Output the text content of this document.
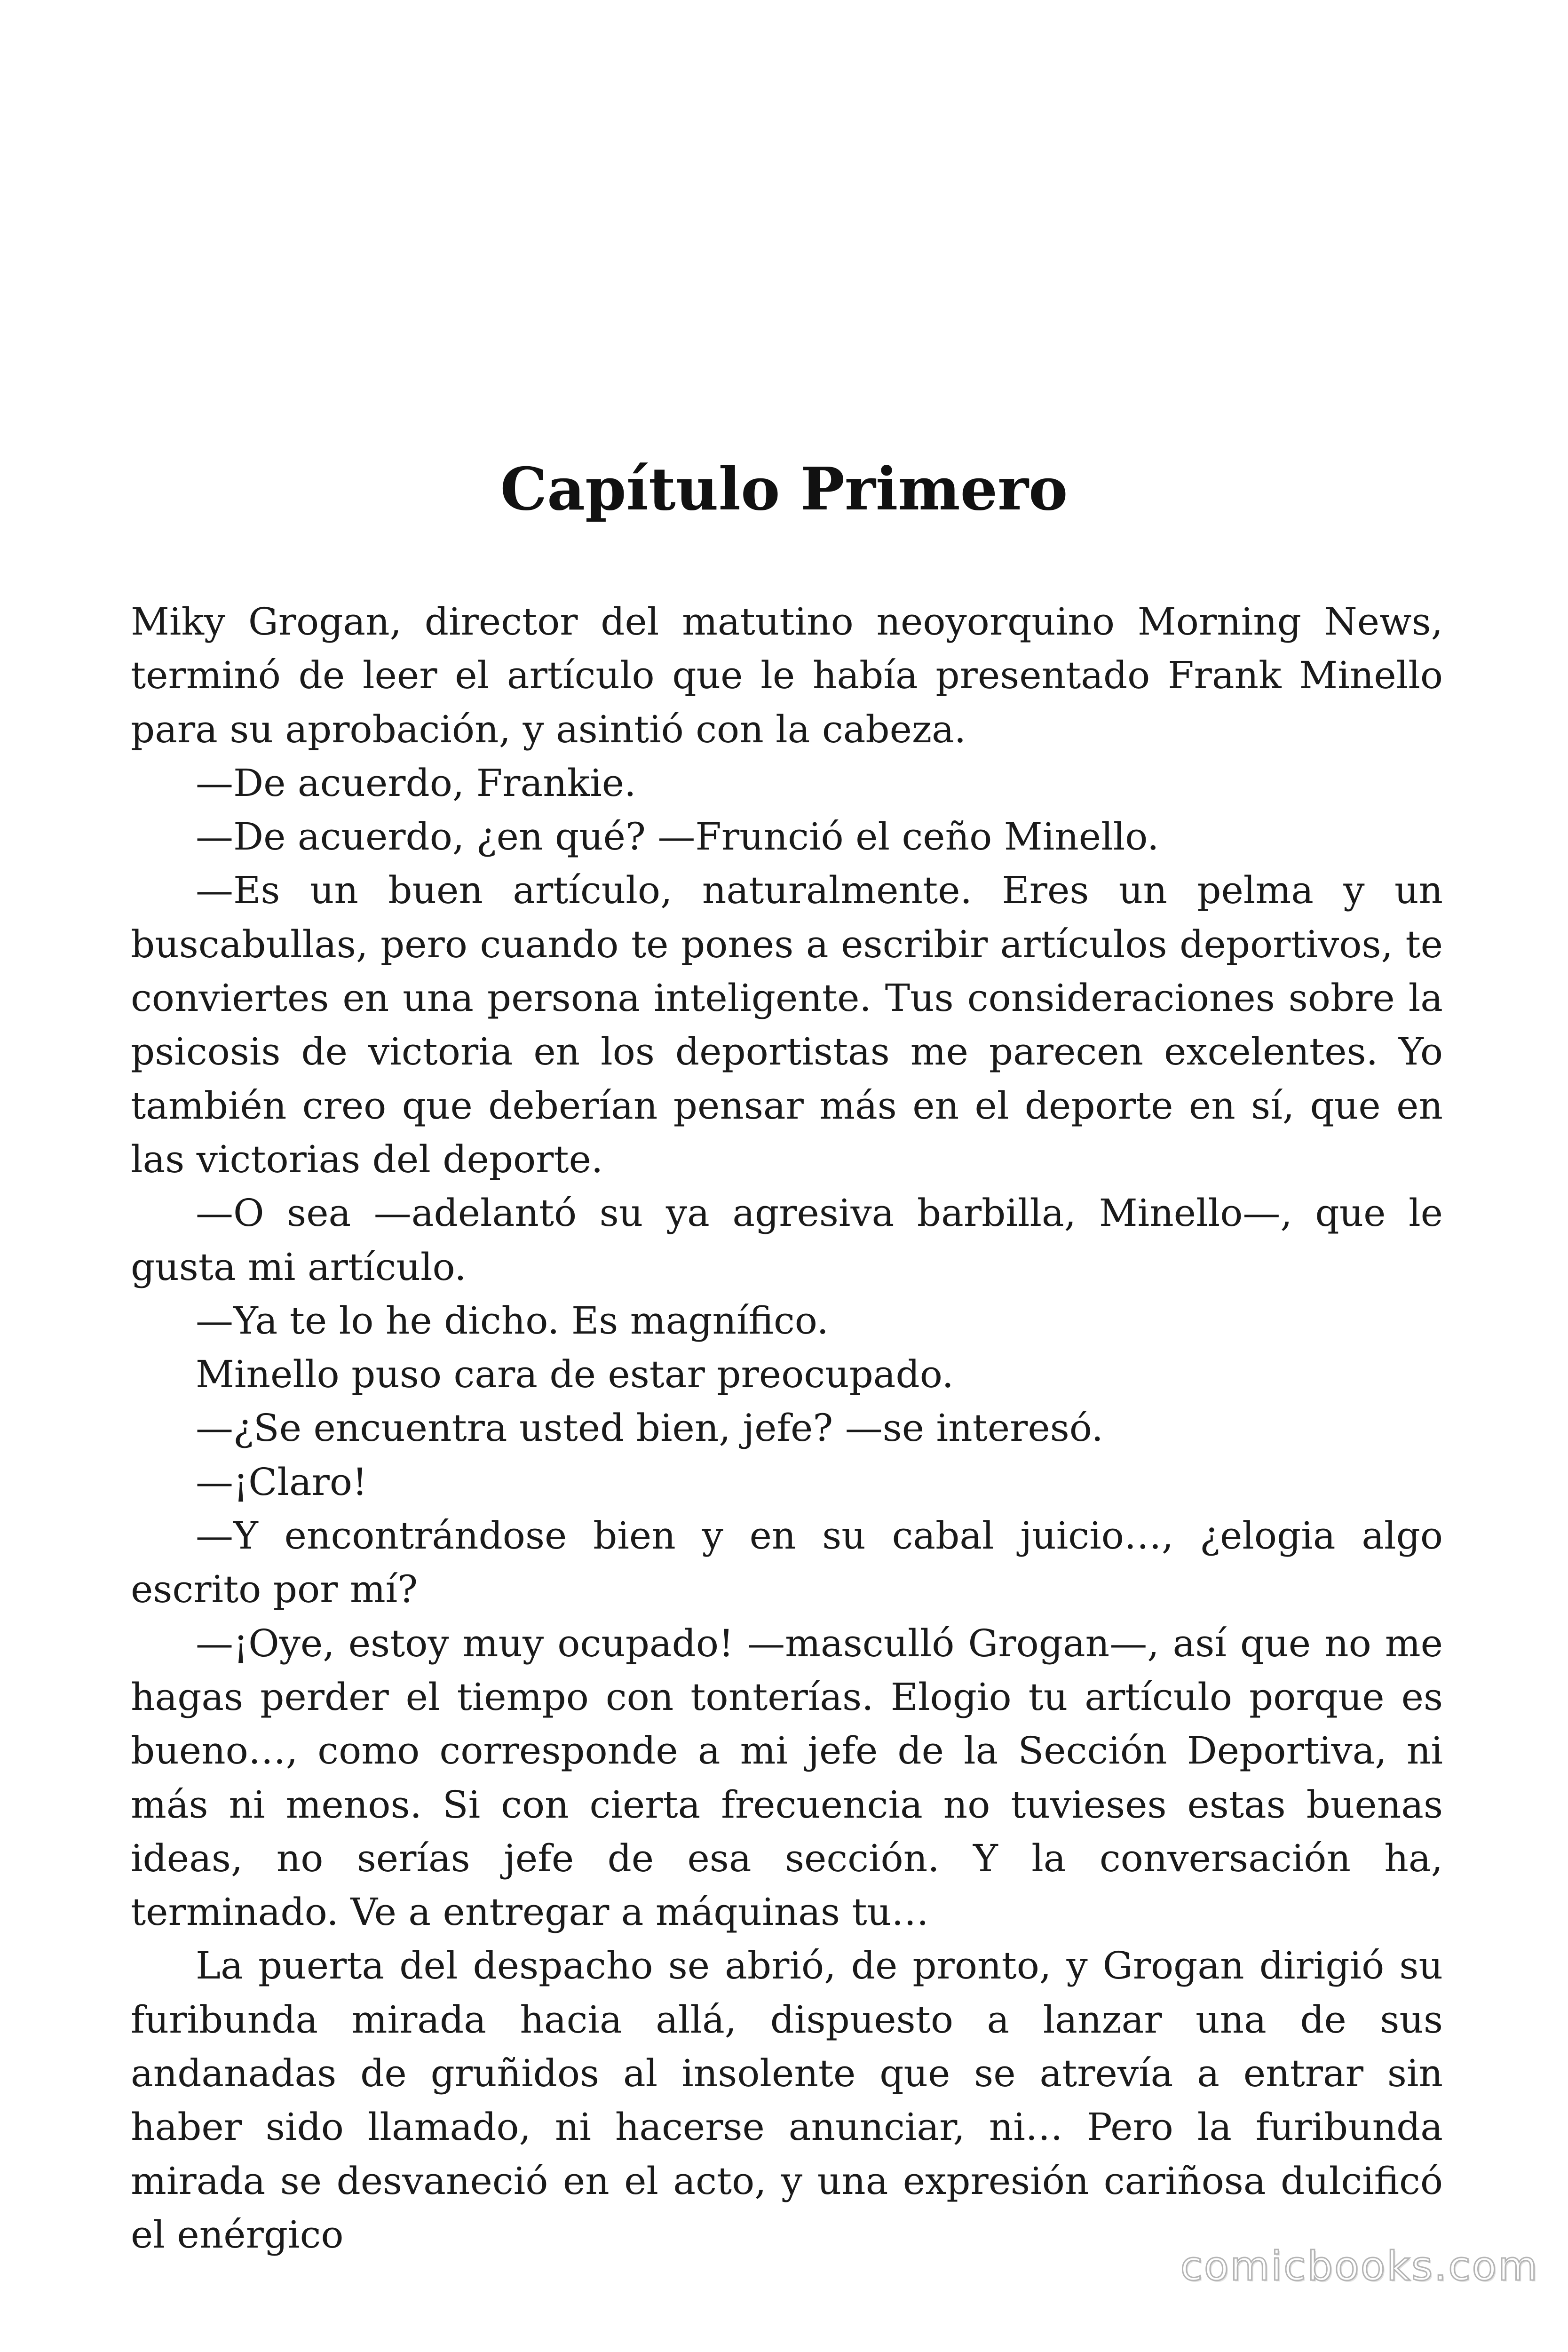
Capítulo Primero

Miky Grogan, director del matutino neoyorquino Morning News, terminó de leer el artículo que le había presentado Frank Minello para su aprobación, y asintió con la cabeza.

—De acuerdo, Frankie.

—De acuerdo, ¿en qué? —Frunció el ceño Minello.

—Es un buen artículo, naturalmente. Eres un pelma y un buscabullas, pero cuando te pones a escribir artículos deportivos, te conviertes en una persona inteligente. Tus consideraciones sobre la psicosis de victoria en los deportistas me parecen excelentes. Yo también creo que deberían pensar más en el deporte en sí, que en las victorias del deporte.

—O sea —adelantó su ya agresiva barbilla, Minello—, que le gusta mi artículo.

—Ya te lo he dicho. Es magnífico.

Minello puso cara de estar preocupado.

—¿Se encuentra usted bien, jefe? —se interesó.

—¡Claro!

—Y encontrándose bien y en su cabal juicio…, ¿elogia algo escrito por mí?

—¡Oye, estoy muy ocupado! —masculló Grogan—, así que no me hagas perder el tiempo con tonterías. Elogio tu artículo porque es bueno…, como corresponde a mi jefe de la Sección Deportiva, ni más ni menos. Si con cierta frecuencia no tuvieses estas buenas ideas, no serías jefe de esa sección. Y la conversación ha, terminado. Ve a entregar a máquinas tu…

La puerta del despacho se abrió, de pronto, y Grogan dirigió su furibunda mirada hacia allá, dispuesto a lanzar una de sus andanadas de gruñidos al insolente que se atrevía a entrar sin haber sido llamado, ni hacerse anunciar, ni… Pero la furibunda mirada se desvaneció en el acto, y una expresión cariñosa dulcificó el enérgico

comicbooks.com
